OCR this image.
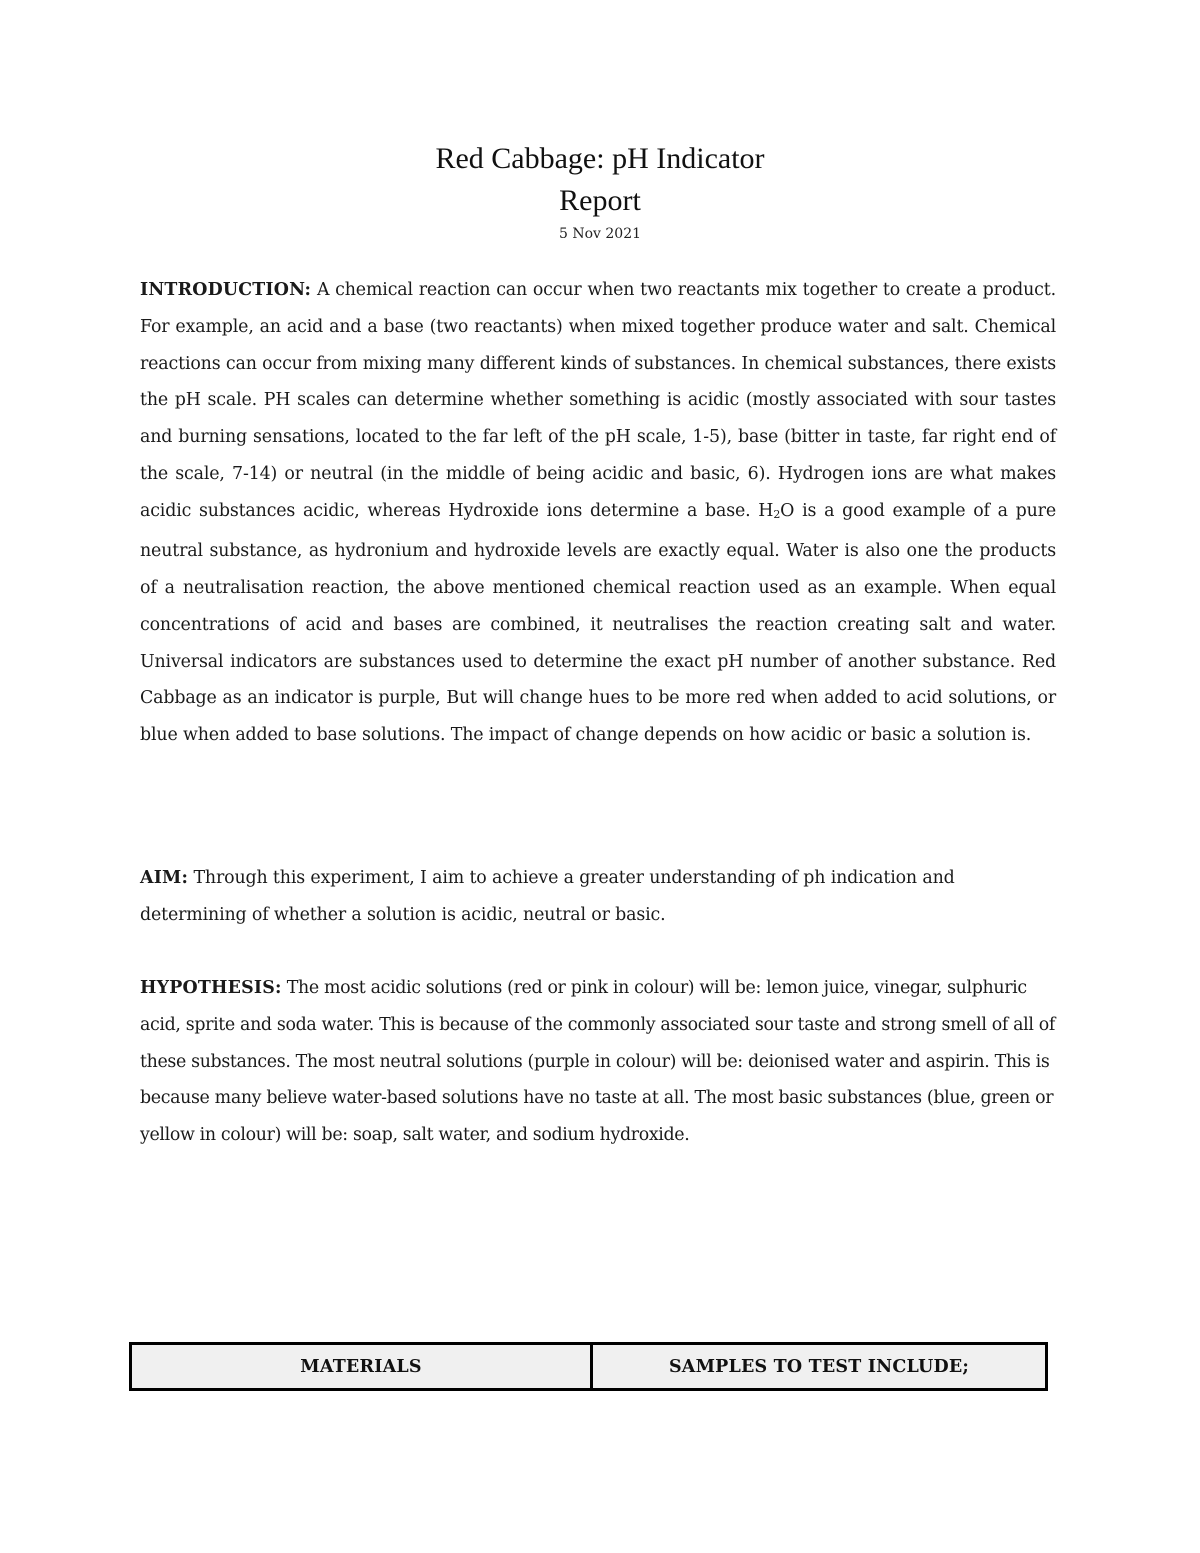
Red Cabbage: pH Indicator
Report
5 Nov 2021

INTRODUCTION: A chemical reaction can occur when two reactants mix together to create a product. For example, an acid and a base (two reactants) when mixed together produce water and salt. Chemical reactions can occur from mixing many different kinds of substances. In chemical substances, there exists the pH scale. PH scales can determine whether something is acidic (mostly associated with sour tastes and burning sensations, located to the far left of the pH scale, 1-5), base (bitter in taste, far right end of the scale, 7-14) or neutral (in the middle of being acidic and basic, 6). Hydrogen ions are what makes acidic substances acidic, whereas Hydroxide ions determine a base. H2O is a good example of a pure neutral substance, as hydronium and hydroxide levels are exactly equal. Water is also one the products of a neutralisation reaction, the above mentioned chemical reaction used as an example. When equal concentrations of acid and bases are combined, it neutralises the reaction creating salt and water. Universal indicators are substances used to determine the exact pH number of another substance. Red Cabbage as an indicator is purple, But will change hues to be more red when added to acid solutions, or blue when added to base solutions. The impact of change depends on how acidic or basic a solution is.

AIM: Through this experiment, I aim to achieve a greater understanding of ph indication and determining of whether a solution is acidic, neutral or basic.

HYPOTHESIS: The most acidic solutions (red or pink in colour) will be: lemon juice, vinegar, sulphuric acid, sprite and soda water. This is because of the commonly associated sour taste and strong smell of all of these substances. The most neutral solutions (purple in colour) will be: deionised water and aspirin. This is because many believe water-based solutions have no taste at all. The most basic substances (blue, green or yellow in colour) will be: soap, salt water, and sodium hydroxide.

MATERIALS	SAMPLES TO TEST INCLUDE;
